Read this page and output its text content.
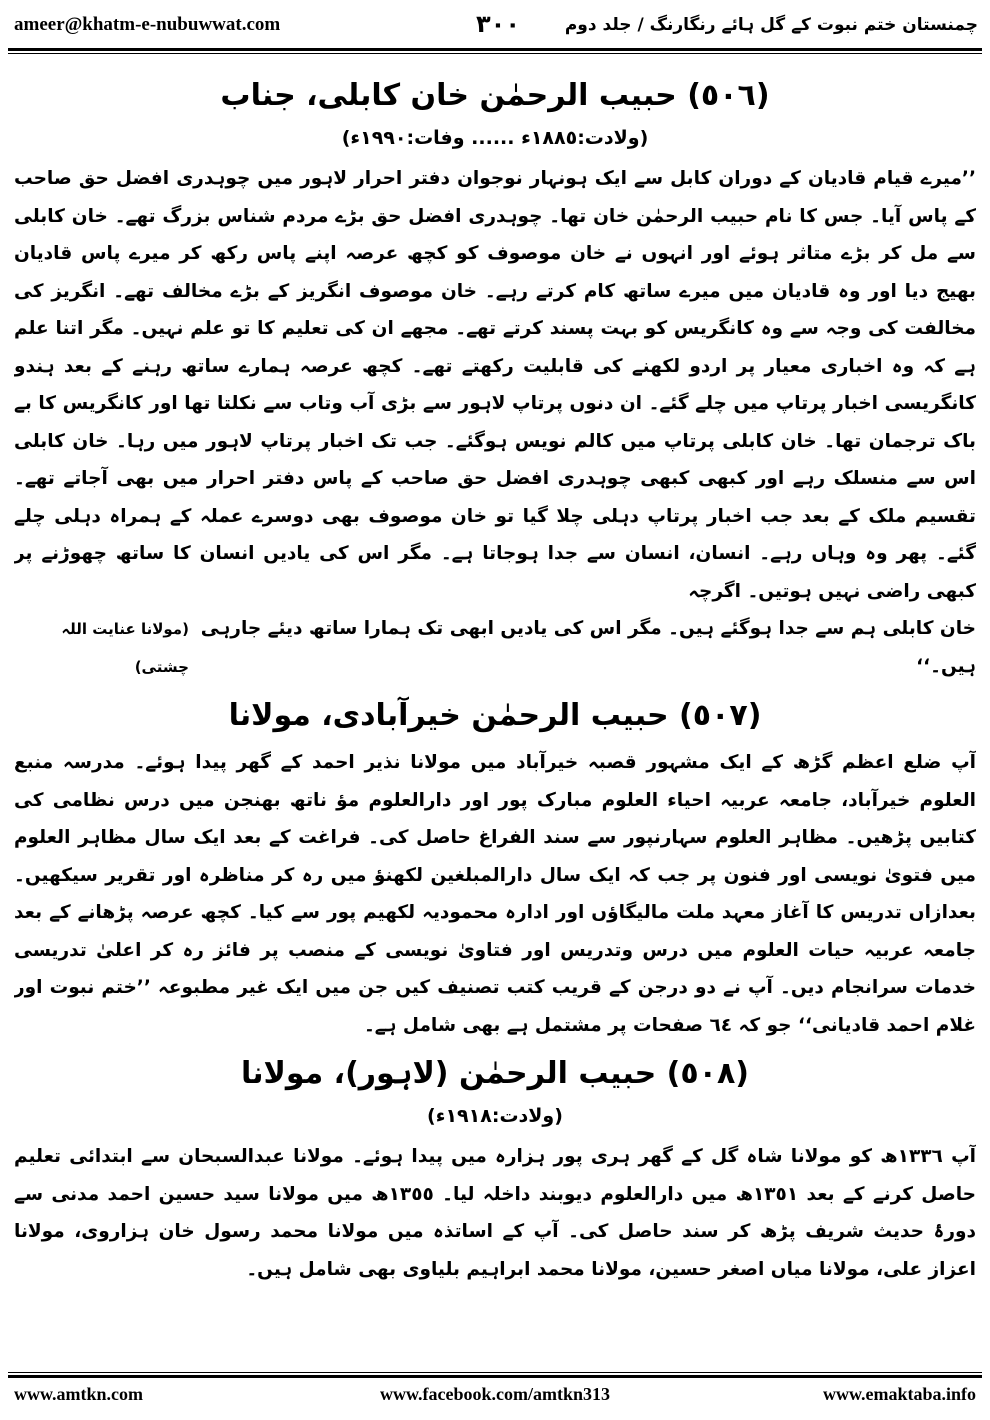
ameer@khatm-e-nubuwwat.com	٣٠٠	چمنستان ختم نبوت کے گل ہائے رنگارنگ / جلد دوم
(٥٠٦) حبیب الرحمٰن خان کابلی، جناب
(ولادت:١٨٨٥ء ...... وفات:١٩٩٠ء)

’’میرے قیام قادیان کے دوران کابل سے ایک ہونہار نوجوان دفتر احرار لاہور میں چوہدری افضل حق صاحب کے پاس آیا۔ جس کا نام حبیب الرحمٰن خان تھا۔ چوہدری افضل حق بڑے مردم شناس بزرگ تھے۔ خان کابلی سے مل کر بڑے متاثر ہوئے اور انہوں نے خان موصوف کو کچھ عرصہ اپنے پاس رکھ کر میرے پاس قادیان بھیج دیا اور وہ قادیان میں میرے ساتھ کام کرتے رہے۔ خان موصوف انگریز کے بڑے مخالف تھے۔ انگریز کی مخالفت کی وجہ سے وہ کانگریس کو بہت پسند کرتے تھے۔ مجھے ان کی تعلیم کا تو علم نہیں۔ مگر اتنا علم ہے کہ وہ اخباری معیار پر اردو لکھنے کی قابلیت رکھتے تھے۔ کچھ عرصہ ہمارے ساتھ رہنے کے بعد ہندو کانگریسی اخبار پرتاپ میں چلے گئے۔ ان دنوں پرتاپ لاہور سے بڑی آب وتاب سے نکلتا تھا اور کانگریس کا بے باک ترجمان تھا۔ خان کابلی پرتاپ میں کالم نویس ہوگئے۔ جب تک اخبار پرتاپ لاہور میں رہا۔ خان کابلی اس سے منسلک رہے اور کبھی کبھی چوہدری افضل حق صاحب کے پاس دفتر احرار میں بھی آجاتے تھے۔ تقسیم ملک کے بعد جب اخبار پرتاپ دہلی چلا گیا تو خان موصوف بھی دوسرے عملہ کے ہمراہ دہلی چلے گئے۔ پھر وہ وہاں رہے۔ انسان، انسان سے جدا ہوجاتا ہے۔ مگر اس کی یادیں انسان کا ساتھ چھوڑنے پر کبھی راضی نہیں ہوتیں۔ اگرچہ

خان کابلی ہم سے جدا ہوگئے ہیں۔ مگر اس کی یادیں ابھی تک ہمارا ساتھ دیئے جارہی ہیں۔‘‘
(مولانا عنایت اللہ چشتی)
(٥٠٧) حبیب الرحمٰن خیرآبادی، مولانا

آپ ضلع اعظم گڑھ کے ایک مشہور قصبہ خیرآباد میں مولانا نذیر احمد کے گھر پیدا ہوئے۔ مدرسہ منبع العلوم خیرآباد، جامعہ عربیہ احیاء العلوم مبارک پور اور دارالعلوم مؤ ناتھ بھنجن میں درس نظامی کی کتابیں پڑھیں۔ مظاہر العلوم سہارنپور سے سند الفراغ حاصل کی۔ فراغت کے بعد ایک سال مظاہر العلوم میں فتویٰ نویسی اور فنون پر جب کہ ایک سال دارالمبلغین لکھنؤ میں رہ کر مناظرہ اور تقریر سیکھیں۔ بعدازاں تدریس کا آغاز معہد ملت مالیگاؤں اور ادارہ محمودیہ لکھیم پور سے کیا۔ کچھ عرصہ پڑھانے کے بعد جامعہ عربیہ حیات العلوم میں درس وتدریس اور فتاویٰ نویسی کے منصب پر فائز رہ کر اعلیٰ تدریسی خدمات سرانجام دیں۔ آپ نے دو درجن کے قریب کتب تصنیف کیں جن میں ایک غیر مطبوعہ ’’ختم نبوت اور غلام احمد قادیانی‘‘ جو کہ ٦٤ صفحات پر مشتمل ہے بھی شامل ہے۔

(٥٠٨) حبیب الرحمٰن (لاہور)، مولانا
(ولادت:١٩١٨ء)

آپ ١٣٣٦ھ کو مولانا شاہ گل کے گھر ہری پور ہزارہ میں پیدا ہوئے۔ مولانا عبدالسبحان سے ابتدائی تعلیم حاصل کرنے کے بعد ١٣٥١ھ میں دارالعلوم دیوبند داخلہ لیا۔ ١٣٥٥ھ میں مولانا سید حسین احمد مدنی سے دورۂ حدیث شریف پڑھ کر سند حاصل کی۔ آپ کے اساتذہ میں مولانا محمد رسول خان ہزاروی، مولانا اعزاز علی، مولانا میاں اصغر حسین، مولانا محمد ابراہیم بلیاوی بھی شامل ہیں۔

www.amtkn.com	www.facebook.com/amtkn313	www.emaktaba.info
